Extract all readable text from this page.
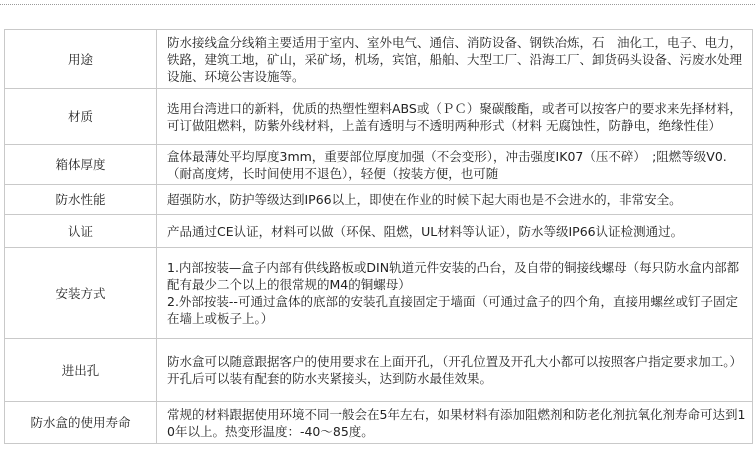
用途	防水接线盒分线箱主要适用于室内、室外电气、通信、消防设备、钢铁冶炼，石　油化工，电子、电力，铁路，建筑工地，矿山，采矿场，机场，宾馆，船舶、大型工厂、沿海工厂、卸货码头设备、污废水处理设施、环境公害设施等。

材质	选用台湾进口的新料，优质的热塑性塑料ABS或（ＰＣ）聚碳酸酯，或者可以按客户的要求来先择材料，可订做阻燃料，防紫外线材料，上盖有透明与不透明两种形式（材料 无腐蚀性，防静电，绝缘性佳）

箱体厚度	盒体最薄处平均厚度3mm，重要部位厚度加强（不会变形），冲击强度IK07（压不碎）　;阻燃等级V0.（耐高度烤，长时间使用不退色），轻便（按装方便，也可随

防水性能	超强防水，防护等级达到IP66以上，即使在作业的时候下起大雨也是不会进水的，非常安全。

认证	产品通过CE认证，材料可以做（环保、阻燃，UL材料等认证），防水等级IP66认证检测通过。

安装方式	1.内部按装—盒子内部有供线路板或DIN轨道元件安装的凸台，及自带的铜接线螺母（每只防水盒内部都配有最少二个以上的很常规的M4的铜螺母）
2.外部按装--可通过盒体的底部的安装孔直接固定于墙面（可通过盒子的四个角，直接用螺丝或钉子固定在墙上或板子上。）

进出孔	防水盒可以随意跟据客户的使用要求在上面开孔，（开孔位置及开孔大小都可以按照客户指定要求加工。）开孔后可以装有配套的防水夹紧接头，达到防水最佳效果。

防水盒的使用寿命	常规的材料跟据使用环境不同一般会在5年左右，如果材料有添加阻燃剂和防老化剂抗氧化剂寿命可达到10年以上。热变形温度：-40〜85度。
